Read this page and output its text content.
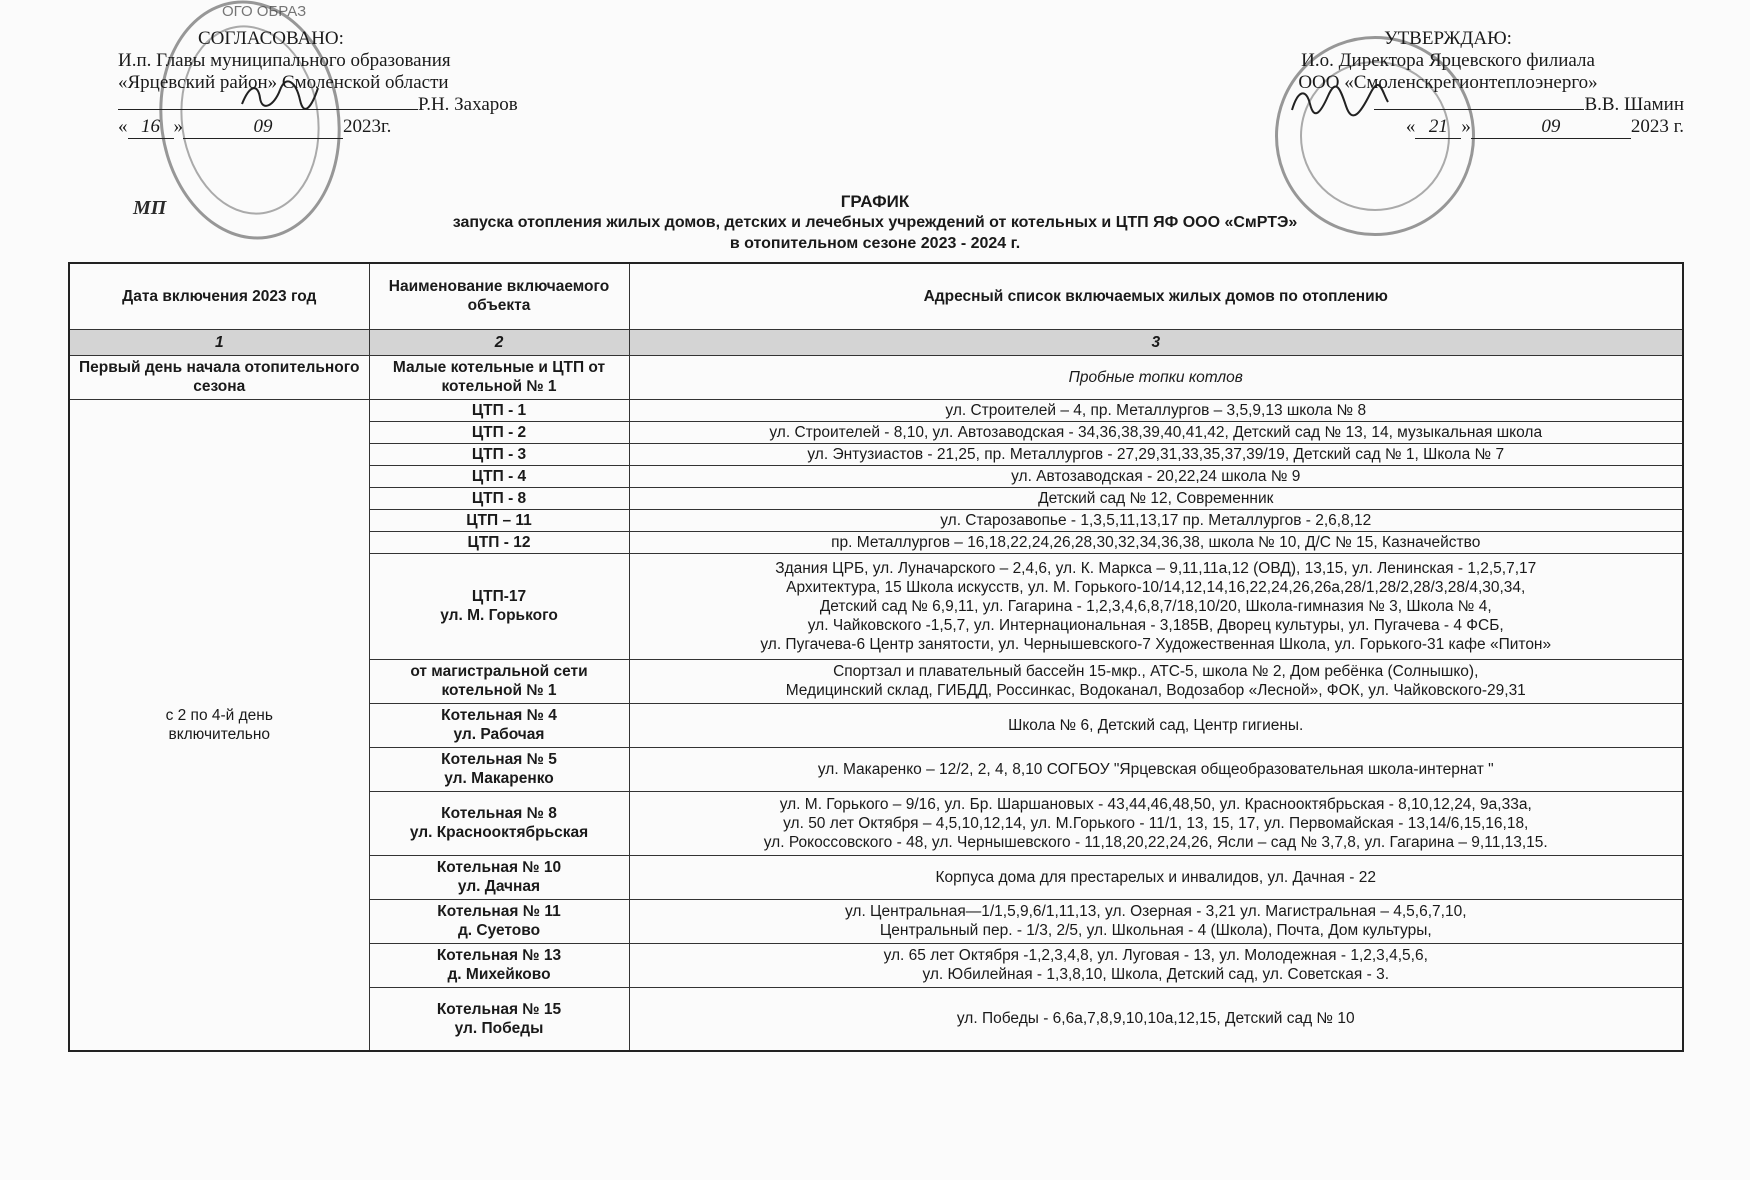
ОГО ОБРАЗ
СОГЛАСОВАНО:
И.п. Главы муниципального образования
«Ярцевский район» Смоленской области
Р.Н. Захаров
« 16 »	09	2023г.
МП
УТВЕРЖДАЮ:
И.о. Директора Ярцевского филиала
ООО «Смоленскрегионтеплоэнерго»
В.В. Шамин
« 21 »	09	2023 г.
ГРАФИК
запуска отопления жилых домов, детских и лечебных учреждений от котельных и ЦТП ЯФ ООО «СмРТЭ»
в отопительном сезоне 2023 - 2024 г.
Дата включения 2023 год	Наименование включаемого объекта	Адресный список включаемых жилых домов по отоплению
1	2	3
Первый день начала отопительного сезона	Малые котельные и ЦТП от котельной № 1	Пробные топки котлов
с 2 по 4-й день включительно	ЦТП - 1	ул. Строителей – 4, пр. Металлургов – 3,5,9,13 школа № 8

	ЦТП - 2	ул. Строителей - 8,10, ул. Автозаводская - 34,36,38,39,40,41,42, Детский сад № 13, 14, музыкальная школа

	ЦТП - 3	ул. Энтузиастов - 21,25, пр. Металлургов - 27,29,31,33,35,37,39/19, Детский сад № 1, Школа № 7

	ЦТП - 4	ул. Автозаводская - 20,22,24 школа № 9

	ЦТП - 8	Детский сад № 12, Современник

	ЦТП – 11	ул. Старозавопье - 1,3,5,11,13,17 пр. Металлургов - 2,6,8,12

	ЦТП - 12	пр. Металлургов – 16,18,22,24,26,28,30,32,34,36,38, школа № 10, Д/С № 15, Казначейство

	ЦТП-17
ул. М. Горького	Здания ЦРБ, ул. Луначарского – 2,4,6, ул. К. Маркса – 9,11,11а,12 (ОВД), 13,15, ул. Ленинская - 1,2,5,7,17
Архитектура, 15 Школа искусств, ул. М. Горького-10/14,12,14,16,22,24,26,26а,28/1,28/2,28/3,28/4,30,34,
Детский сад № 6,9,11, ул. Гагарина - 1,2,3,4,6,8,7/18,10/20, Школа-гимназия № 3, Школа № 4,
ул. Чайковского -1,5,7, ул. Интернациональная - 3,185В, Дворец культуры, ул. Пугачева - 4 ФСБ,
ул. Пугачева-6 Центр занятости, ул. Чернышевского-7 Художественная Школа, ул. Горького-31 кафе «Питон»

	от магистральной сети
котельной № 1	Спортзал и плавательный бассейн 15-мкр., АТС-5, школа № 2, Дом ребёнка (Солнышко),
Медицинский склад, ГИБДД, Россинкас, Водоканал, Водозабор «Лесной», ФОК, ул. Чайковского-29,31

	Котельная № 4
ул. Рабочая	Школа № 6, Детский сад, Центр гигиены.

	Котельная № 5
ул. Макаренко	ул. Макаренко – 12/2, 2, 4, 8,10 СОГБОУ "Ярцевская общеобразовательная школа-интернат "

	Котельная № 8
ул. Краснооктябрьская	ул. М. Горького – 9/16, ул. Бр. Шаршановых - 43,44,46,48,50, ул. Краснооктябрьская - 8,10,12,24, 9а,33а,
ул. 50 лет Октября – 4,5,10,12,14, ул. М.Горького - 11/1, 13, 15, 17, ул. Первомайская - 13,14/6,15,16,18,
ул. Рокоссовского - 48, ул. Чернышевского - 11,18,20,22,24,26, Ясли – сад № 3,7,8, ул. Гагарина – 9,11,13,15.

	Котельная № 10
ул. Дачная	Корпуса дома для престарелых и инвалидов, ул. Дачная - 22

	Котельная № 11
д. Суетово	ул. Центральная—1/1,5,9,6/1,11,13, ул. Озерная - 3,21 ул. Магистральная – 4,5,6,7,10,
Центральный пер. - 1/3, 2/5, ул. Школьная - 4 (Школа), Почта, Дом культуры,

	Котельная № 13
д. Михейково	ул. 65 лет Октября -1,2,3,4,8, ул. Луговая - 13, ул. Молодежная - 1,2,3,4,5,6,
ул. Юбилейная - 1,3,8,10, Школа, Детский сад, ул. Советская - 3.

	Котельная № 15
ул. Победы	ул. Победы - 6,6а,7,8,9,10,10а,12,15, Детский сад № 10
